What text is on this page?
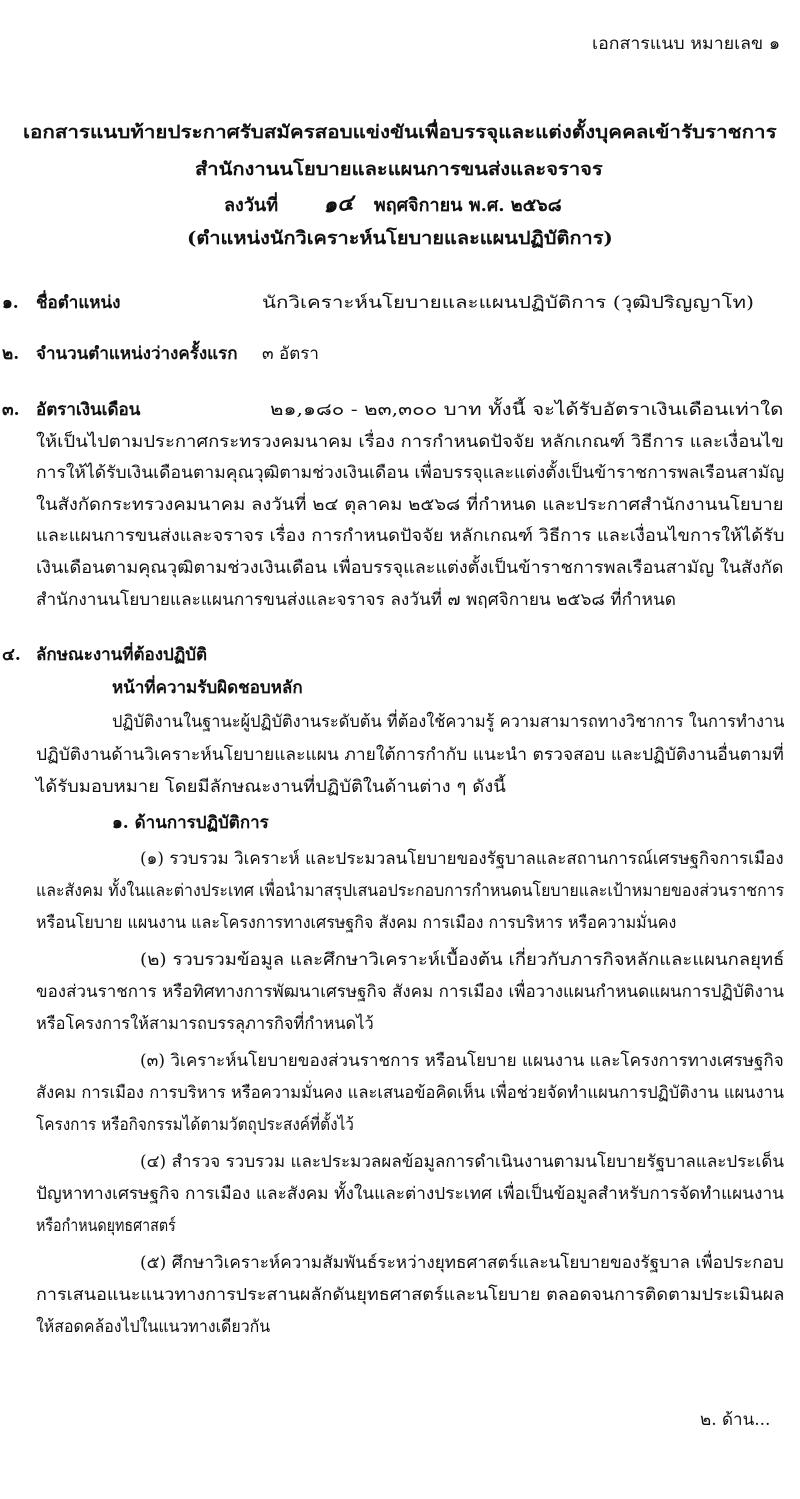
เอกสารแนบ หมายเลข ๑
เอกสารแนบท้ายประกาศรับสมัครสอบแข่งขันเพื่อบรรจุและแต่งตั้งบุคคลเข้ารับราชการ
สำนักงานนโยบายและแผนการขนส่งและจราจร
ลงวันที่ ๑๔ พฤศจิกายน พ.ศ. ๒๕๖๘
(ตำแหน่งนักวิเคราะห์นโยบายและแผนปฏิบัติการ)
๑. ชื่อตำแหน่ง	นักวิเคราะห์นโยบายและแผนปฏิบัติการ (วุฒิปริญญาโท)
๒. จำนวนตำแหน่งว่างครั้งแรก ๓ อัตรา
๓. อัตราเงินเดือน	๒๑,๑๘๐ - ๒๓,๓๐๐ บาท ทั้งนี้ จะได้รับอัตราเงินเดือนเท่าใด
ให้เป็นไปตามประกาศกระทรวงคมนาคม เรื่อง การกำหนดปัจจัย หลักเกณฑ์ วิธีการ และเงื่อนไข
การให้ได้รับเงินเดือนตามคุณวุฒิตามช่วงเงินเดือน เพื่อบรรจุและแต่งตั้งเป็นข้าราชการพลเรือนสามัญ
ในสังกัดกระทรวงคมนาคม ลงวันที่ ๒๔ ตุลาคม ๒๕๖๘ ที่กำหนด และประกาศสำนักงานนโยบาย
และแผนการขนส่งและจราจร เรื่อง การกำหนดปัจจัย หลักเกณฑ์ วิธีการ และเงื่อนไขการให้ได้รับ
เงินเดือนตามคุณวุฒิตามช่วงเงินเดือน เพื่อบรรจุและแต่งตั้งเป็นข้าราชการพลเรือนสามัญ ในสังกัด
สำนักงานนโยบายและแผนการขนส่งและจราจร ลงวันที่ ๗ พฤศจิกายน ๒๕๖๘ ที่กำหนด
๔. ลักษณะงานที่ต้องปฏิบัติ
หน้าที่ความรับผิดชอบหลัก
ปฏิบัติงานในฐานะผู้ปฏิบัติงานระดับต้น ที่ต้องใช้ความรู้ ความสามารถทางวิชาการ ในการทำงาน
ปฏิบัติงานด้านวิเคราะห์นโยบายและแผน ภายใต้การกำกับ แนะนำ ตรวจสอบ และปฏิบัติงานอื่นตามที่
ได้รับมอบหมาย โดยมีลักษณะงานที่ปฏิบัติในด้านต่าง ๆ ดังนี้
๑. ด้านการปฏิบัติการ
(๑) รวบรวม วิเคราะห์ และประมวลนโยบายของรัฐบาลและสถานการณ์เศรษฐกิจการเมือง
และสังคม ทั้งในและต่างประเทศ เพื่อนำมาสรุปเสนอประกอบการกำหนดนโยบายและเป้าหมายของส่วนราชการ
หรือนโยบาย แผนงาน และโครงการทางเศรษฐกิจ สังคม การเมือง การบริหาร หรือความมั่นคง
(๒) รวบรวมข้อมูล และศึกษาวิเคราะห์เบื้องต้น เกี่ยวกับภารกิจหลักและแผนกลยุทธ์
ของส่วนราชการ หรือทิศทางการพัฒนาเศรษฐกิจ สังคม การเมือง เพื่อวางแผนกำหนดแผนการปฏิบัติงาน
หรือโครงการให้สามารถบรรลุภารกิจที่กำหนดไว้
(๓) วิเคราะห์นโยบายของส่วนราชการ หรือนโยบาย แผนงาน และโครงการทางเศรษฐกิจ
สังคม การเมือง การบริหาร หรือความมั่นคง และเสนอข้อคิดเห็น เพื่อช่วยจัดทำแผนการปฏิบัติงาน แผนงาน
โครงการ หรือกิจกรรมได้ตามวัตถุประสงค์ที่ตั้งไว้
(๔) สำรวจ รวบรวม และประมวลผลข้อมูลการดำเนินงานตามนโยบายรัฐบาลและประเด็น
ปัญหาทางเศรษฐกิจ การเมือง และสังคม ทั้งในและต่างประเทศ เพื่อเป็นข้อมูลสำหรับการจัดทำแผนงาน
หรือกำหนดยุทธศาสตร์
(๕) ศึกษาวิเคราะห์ความสัมพันธ์ระหว่างยุทธศาสตร์และนโยบายของรัฐบาล เพื่อประกอบ
การเสนอแนะแนวทางการประสานผลักดันยุทธศาสตร์และนโยบาย ตลอดจนการติดตามประเมินผล
ให้สอดคล้องไปในแนวทางเดียวกัน
๒. ด้าน...
